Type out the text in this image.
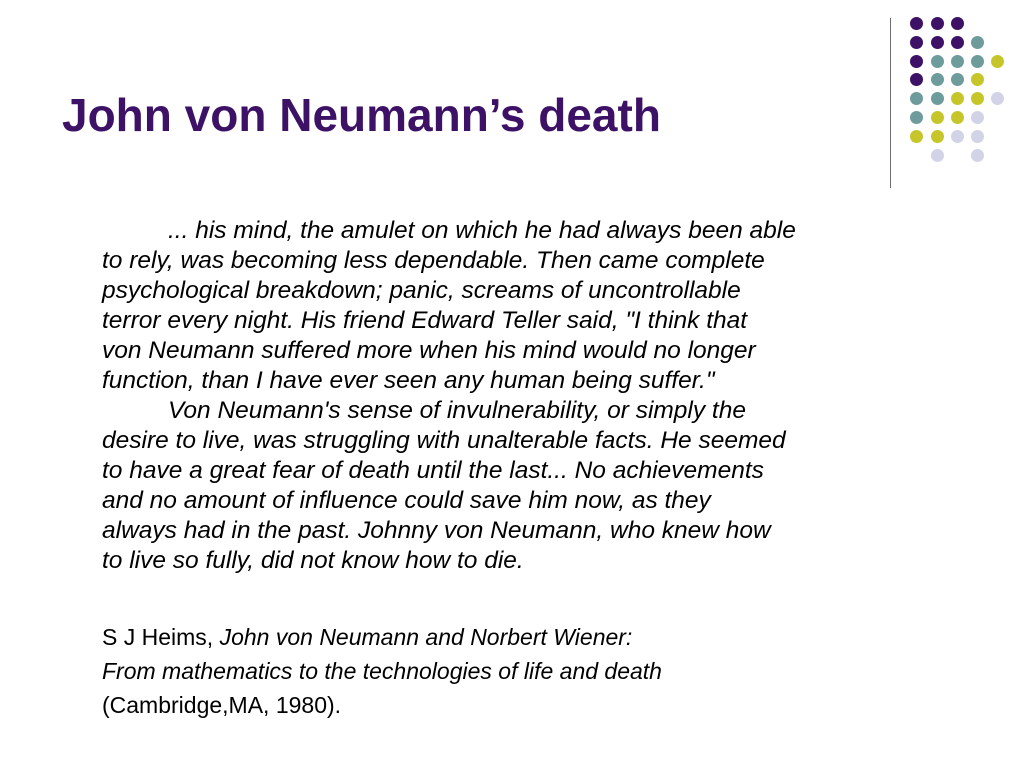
John von Neumann’s death
... his mind, the amulet on which he had always been able
to rely, was becoming less dependable. Then came complete
psychological breakdown; panic, screams of uncontrollable
terror every night. His friend Edward Teller said, "I think that
von Neumann suffered more when his mind would no longer
function, than I have ever seen any human being suffer."
Von Neumann's sense of invulnerability, or simply the
desire to live, was struggling with unalterable facts. He seemed
to have a great fear of death until the last... No achievements
and no amount of influence could save him now, as they
always had in the past. Johnny von Neumann, who knew how
to live so fully, did not know how to die.
S J Heims, John von Neumann and Norbert Wiener:
From mathematics to the technologies of life and death
(Cambridge,MA, 1980).
